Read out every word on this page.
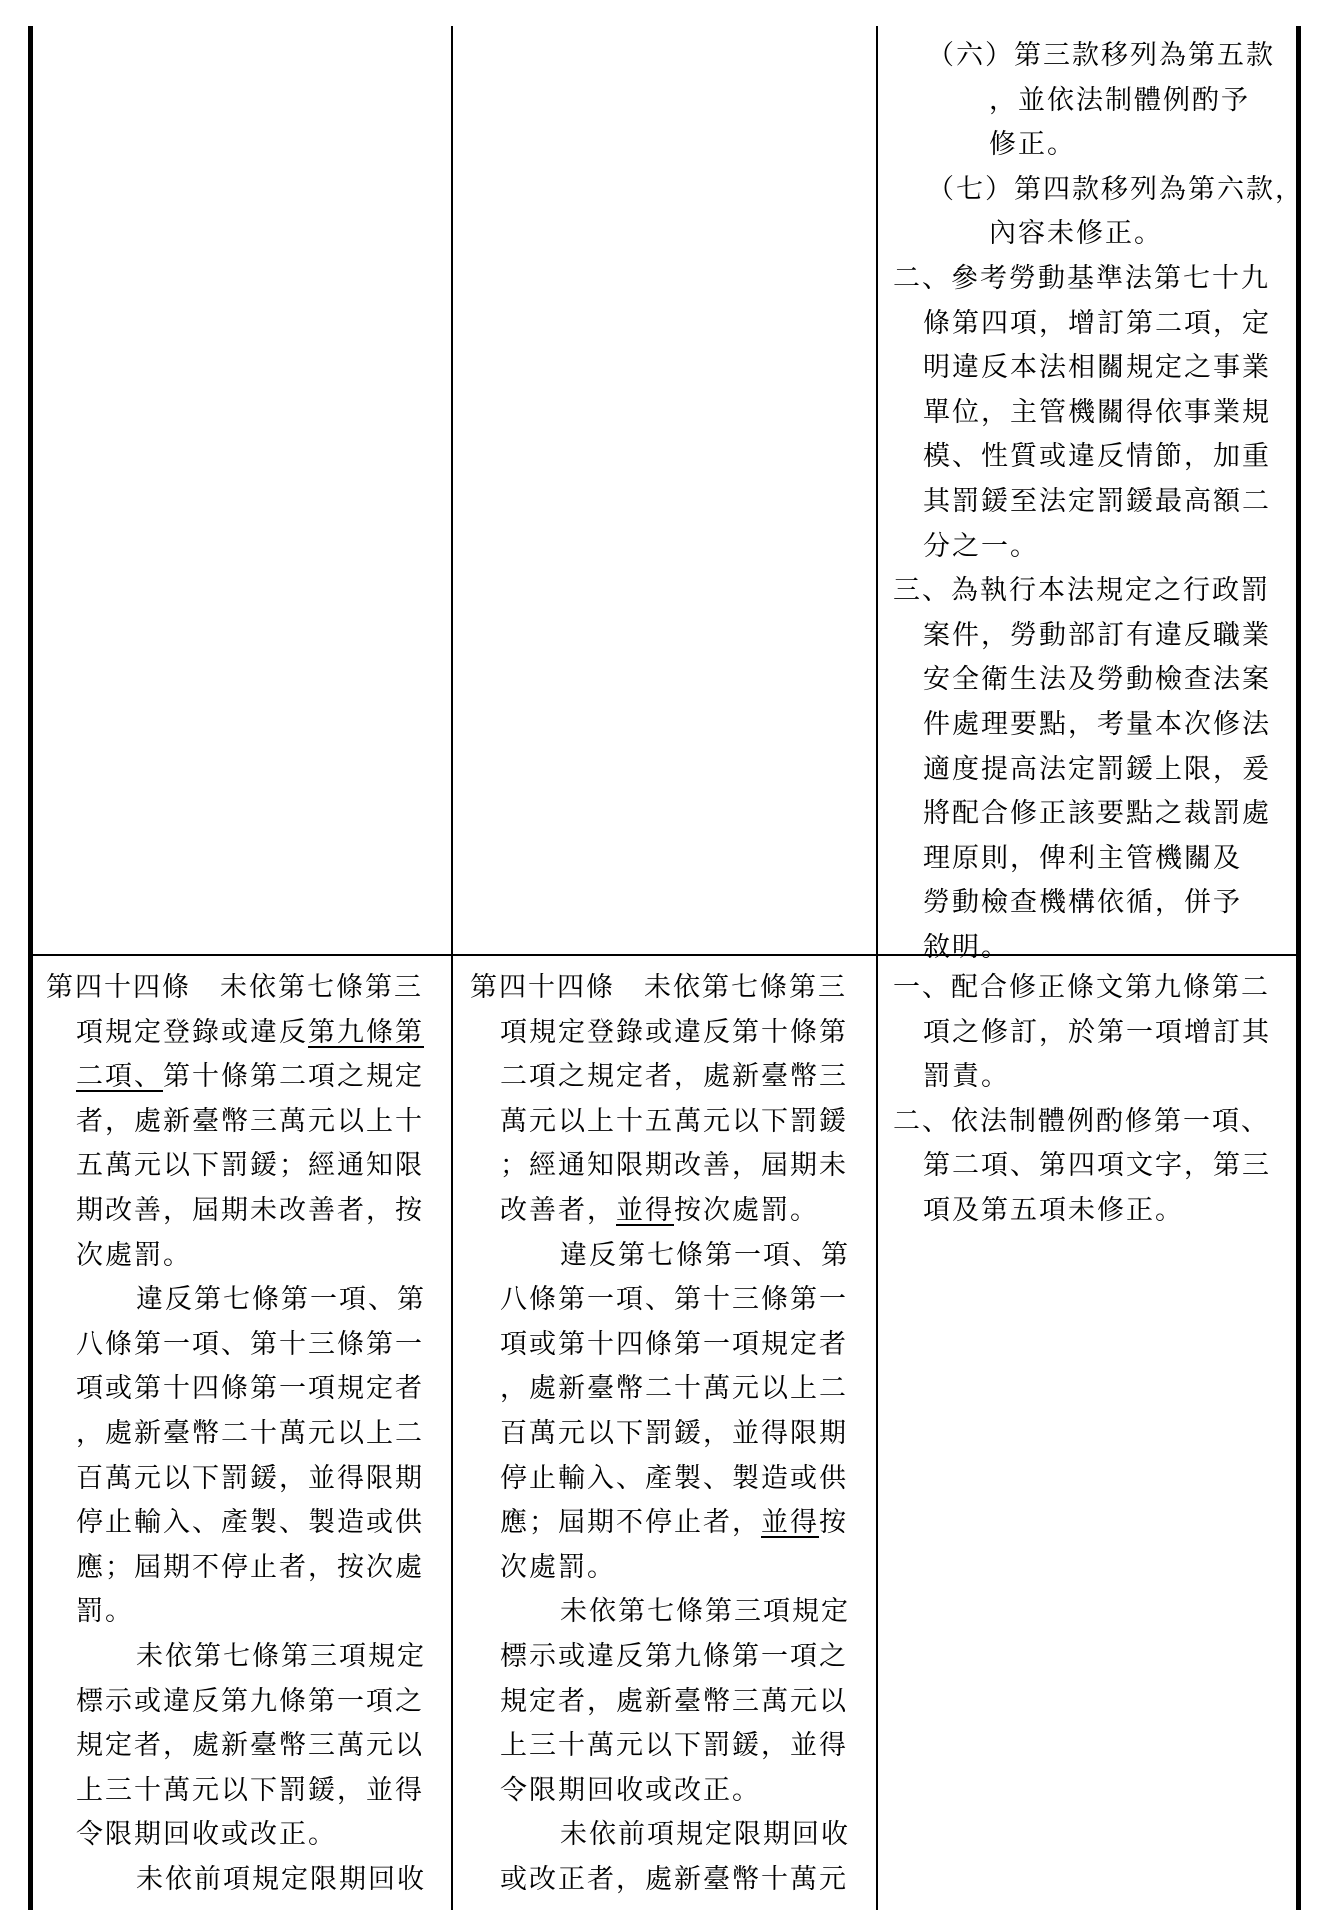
（六）第三款移列為第五款
，並依法制體例酌予
修正。
（七）第四款移列為第六款，
內容未修正。
二、參考勞動基準法第七十九
條第四項，增訂第二項，定
明違反本法相關規定之事業
單位，主管機關得依事業規
模、性質或違反情節，加重
其罰鍰至法定罰鍰最高額二
分之一。
三、為執行本法規定之行政罰
案件，勞動部訂有違反職業
安全衛生法及勞動檢查法案
件處理要點，考量本次修法
適度提高法定罰鍰上限，爰
將配合修正該要點之裁罰處
理原則，俾利主管機關及
勞動檢查機構依循，併予
敘明。
第四十四條　未依第七條第三
項規定登錄或違反第九條第
二項、第十條第二項之規定
者，處新臺幣三萬元以上十
五萬元以下罰鍰；經通知限
期改善，屆期未改善者，按
次處罰。
違反第七條第一項、第
八條第一項、第十三條第一
項或第十四條第一項規定者
，處新臺幣二十萬元以上二
百萬元以下罰鍰，並得限期
停止輸入、產製、製造或供
應；屆期不停止者，按次處
罰。
未依第七條第三項規定
標示或違反第九條第一項之
規定者，處新臺幣三萬元以
上三十萬元以下罰鍰，並得
令限期回收或改正。
未依前項規定限期回收
第四十四條　未依第七條第三
項規定登錄或違反第十條第
二項之規定者，處新臺幣三
萬元以上十五萬元以下罰鍰
；經通知限期改善，屆期未
改善者，並得按次處罰。
違反第七條第一項、第
八條第一項、第十三條第一
項或第十四條第一項規定者
，處新臺幣二十萬元以上二
百萬元以下罰鍰，並得限期
停止輸入、產製、製造或供
應；屆期不停止者，並得按
次處罰。
未依第七條第三項規定
標示或違反第九條第一項之
規定者，處新臺幣三萬元以
上三十萬元以下罰鍰，並得
令限期回收或改正。
未依前項規定限期回收
或改正者，處新臺幣十萬元
一、配合修正條文第九條第二
項之修訂，於第一項增訂其
罰責。
二、依法制體例酌修第一項、
第二項、第四項文字，第三
項及第五項未修正。
